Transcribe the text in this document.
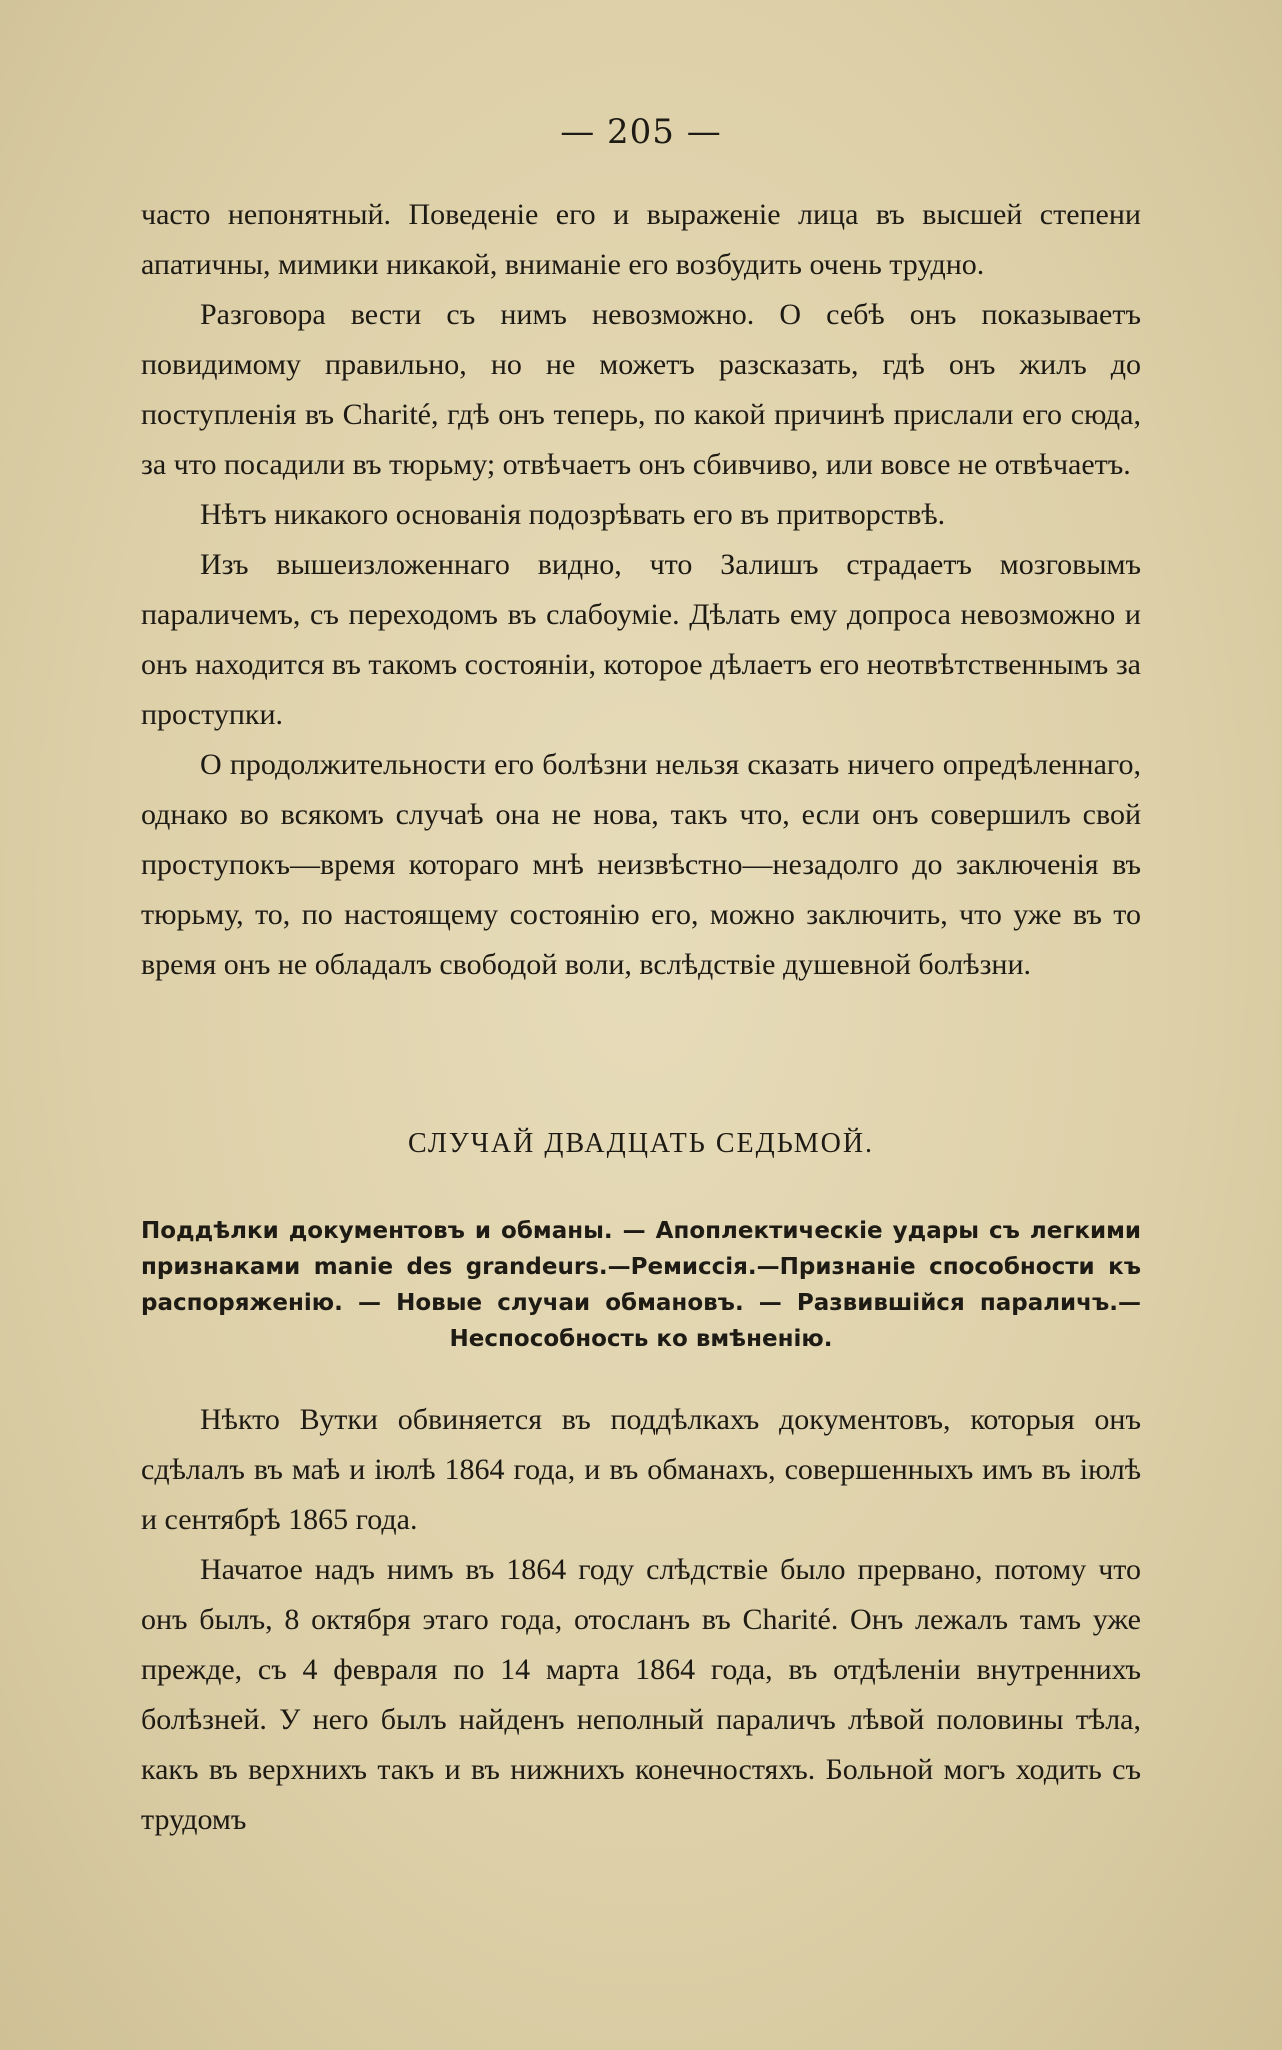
— 205 —

часто непонятный. Поведенiе его и выраженiе лица въ высшей степени апатичны, мимики никакой, вниманiе его возбудить очень трудно.

Разговора вести съ нимъ невозможно. О себѣ онъ показываетъ повидимому правильно, но не можетъ разсказать, гдѣ онъ жилъ до поступленiя въ Charité, гдѣ онъ теперь, по какой причинѣ прислали его сюда, за что посадили въ тюрьму; отвѣчаетъ онъ сбивчиво, или вовсе не отвѣчаетъ.

Нѣтъ никакого основанiя подозрѣвать его въ притворствѣ.

Изъ вышеизложеннаго видно, что Залишъ страдаетъ мозговымъ параличемъ, съ переходомъ въ слабоумiе. Дѣлать ему допроса невозможно и онъ находится въ такомъ состоянiи, которое дѣлаетъ его неотвѣтственнымъ за проступки.

О продолжительности его болѣзни нельзя сказать ничего опредѣленнаго, однако во всякомъ случаѣ она не нова, такъ что, если онъ совершилъ свой проступокъ—время котораго мнѣ неизвѣстно—незадолго до заключенiя въ тюрьму, то, по настоящему состоянiю его, можно заключить, что уже въ то время онъ не обладалъ свободой воли, вслѣдствiе душевной болѣзни.

СЛУЧАЙ ДВАДЦАТЬ СЕДЬМОЙ.
Поддѣлки документовъ и обманы. — Апоплектическiе удары съ легкими признаками manie des grandeurs.—Ремиссiя.—Признанiе способности къ распоряженiю. — Новые случаи обмановъ. — Развившiйся параличъ.—Неспособность ко вмѣненiю.

Нѣкто Вутки обвиняется въ поддѣлкахъ документовъ, которыя онъ сдѣлалъ въ маѣ и iюлѣ 1864 года, и въ обманахъ, совершенныхъ имъ въ iюлѣ и сентябрѣ 1865 года.

Начатое надъ нимъ въ 1864 году слѣдствiе было прервано, потому что онъ былъ, 8 октября этаго года, отосланъ въ Charité. Онъ лежалъ тамъ уже прежде, съ 4 февраля по 14 марта 1864 года, въ отдѣленiи внутреннихъ болѣзней. У него былъ найденъ неполный параличъ лѣвой половины тѣла, какъ въ верхнихъ такъ и въ нижнихъ конечностяхъ. Больной могъ ходить съ трудомъ
